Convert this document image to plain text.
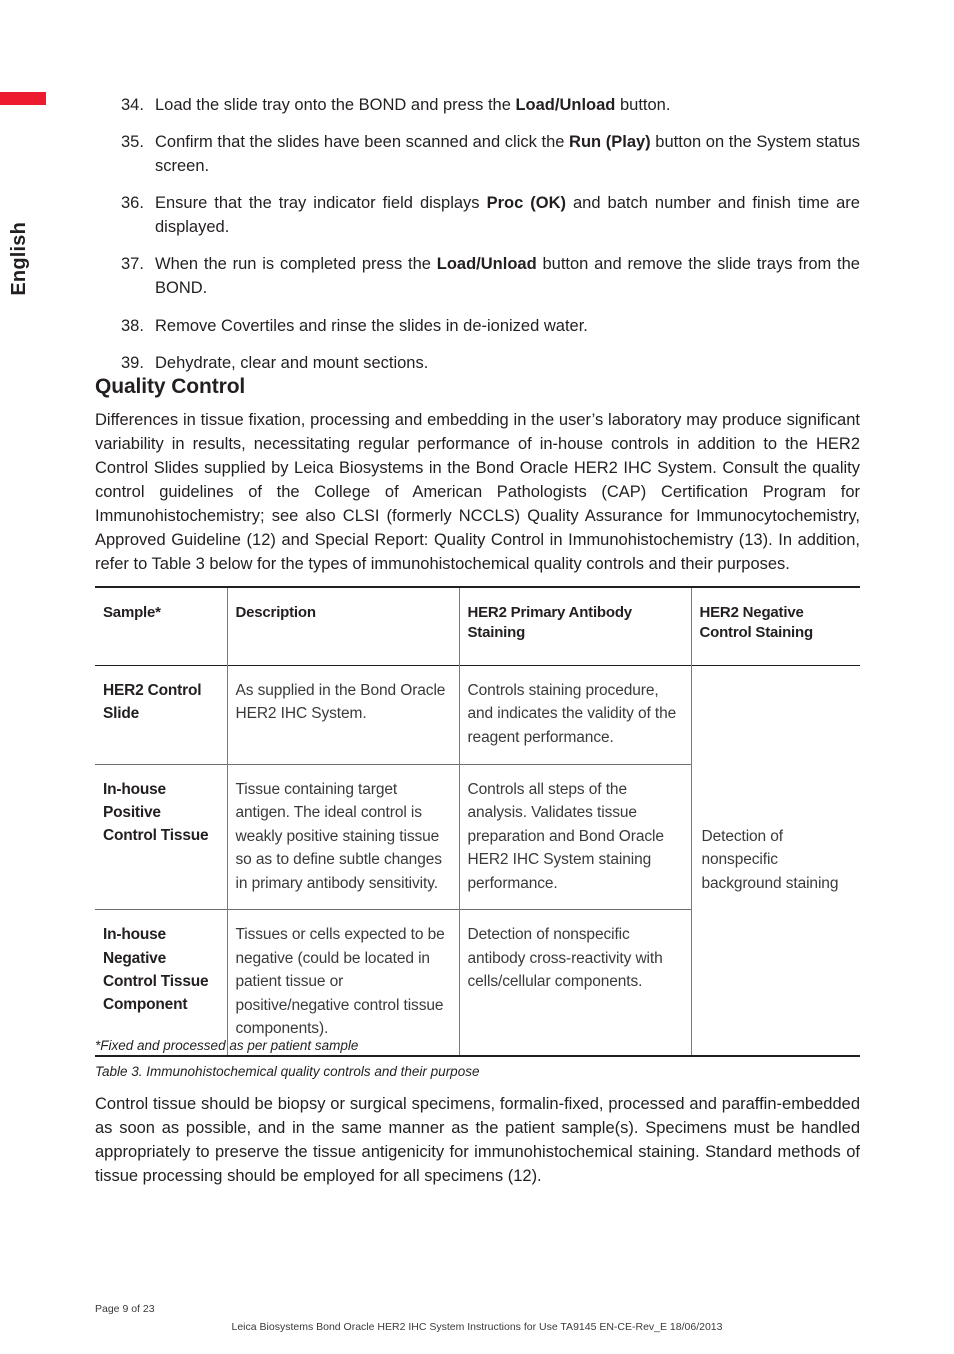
English
34. Load the slide tray onto the BOND and press the Load/Unload button.
35. Confirm that the slides have been scanned and click the Run (Play) button on the System status screen.
36. Ensure that the tray indicator field displays Proc (OK) and batch number and finish time are displayed.
37. When the run is completed press the Load/Unload button and remove the slide trays from the BOND.
38. Remove Covertiles and rinse the slides in de-ionized water.
39. Dehydrate, clear and mount sections.
Quality Control

Differences in tissue fixation, processing and embedding in the user’s laboratory may produce significant variability in results, necessitating regular performance of in-house controls in addition to the HER2 Control Slides supplied by Leica Biosystems in the Bond Oracle HER2 IHC System. Consult the quality control guidelines of the College of American Pathologists (CAP) Certification Program for Immunohistochemistry; see also CLSI (formerly NCCLS) Quality Assurance for Immunocytochemistry, Approved Guideline (12) and Special Report: Quality Control in Immunohistochemistry (13). In addition, refer to Table 3 below for the types of immunohistochemical quality controls and their purposes.

Sample*	Description	HER2 Primary Antibody Staining	HER2 Negative Control Staining
HER2 Control Slide	As supplied in the Bond Oracle HER2 IHC System.	Controls staining procedure, and indicates the validity of the reagent performance.	Detection of nonspecific background staining
In-house Positive Control Tissue	Tissue containing target antigen. The ideal control is weakly positive staining tissue so as to define subtle changes in primary antibody sensitivity.	Controls all steps of the analysis. Validates tissue preparation and Bond Oracle HER2 IHC System staining performance.	
In-house Negative Control Tissue Component	Tissues or cells expected to be negative (could be located in patient tissue or positive/negative control tissue components).	Detection of nonspecific antibody cross-reactivity with cells/cellular components.	

*Fixed and processed as per patient sample

Table 3. Immunohistochemical quality controls and their purpose

Control tissue should be biopsy or surgical specimens, formalin-fixed, processed and paraffin-embedded as soon as possible, and in the same manner as the patient sample(s). Specimens must be handled appropriately to preserve the tissue antigenicity for immunohistochemical staining. Standard methods of tissue processing should be employed for all specimens (12).

Page 9 of 23
Leica Biosystems Bond Oracle HER2 IHC System Instructions for Use TA9145 EN-CE-Rev_E 18/06/2013
